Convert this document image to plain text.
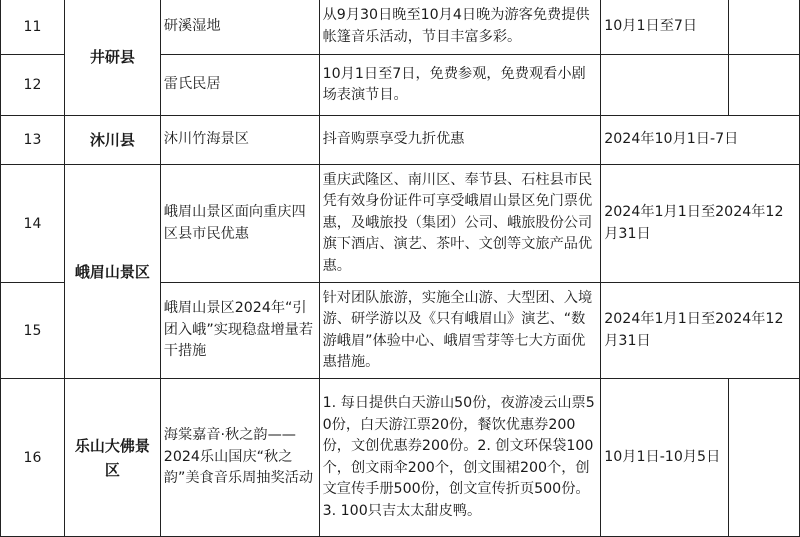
11	井研县	研溪湿地	从9月30日晚至10月4日晚为游客免费提供帐篷音乐活动，节目丰富多彩。	10月1日至7日	
12		雷氏民居	10月1日至7日，免费参观，免费观看小剧场表演节目。		
13	沐川县	沐川竹海景区	抖音购票享受九折优惠	2024年10月1日-7日	
14	峨眉山景区	峨眉山景区面向重庆四区县市民优惠	重庆武隆区、南川区、奉节县、石柱县市民凭有效身份证件可享受峨眉山景区免门票优惠，及峨旅投（集团）公司、峨旅股份公司旗下酒店、演艺、茶叶、文创等文旅产品优惠。	2024年1月1日至2024年12月31日	
15		峨眉山景区2024年“引团入峨”实现稳盘增量若干措施	针对团队旅游，实施全山游、大型团、入境游、研学游以及《只有峨眉山》演艺、“数游峨眉”体验中心、峨眉雪芽等七大方面优惠措施。	2024年1月1日至2024年12月31日	
16	乐山大佛景区	海棠嘉音·秋之韵——　2024乐山国庆“秋之韵”美食音乐周抽奖活动	1. 每日提供白天游山50份，夜游凌云山票50份，白天游江票20份，餐饮优惠券200份，文创优惠券200份。2. 创文环保袋100个，创文雨伞200个，创文围裙200个，创文宣传手册500份，创文宣传折页500份。3. 100只吉太太甜皮鸭。	10月1日-10月5日	
